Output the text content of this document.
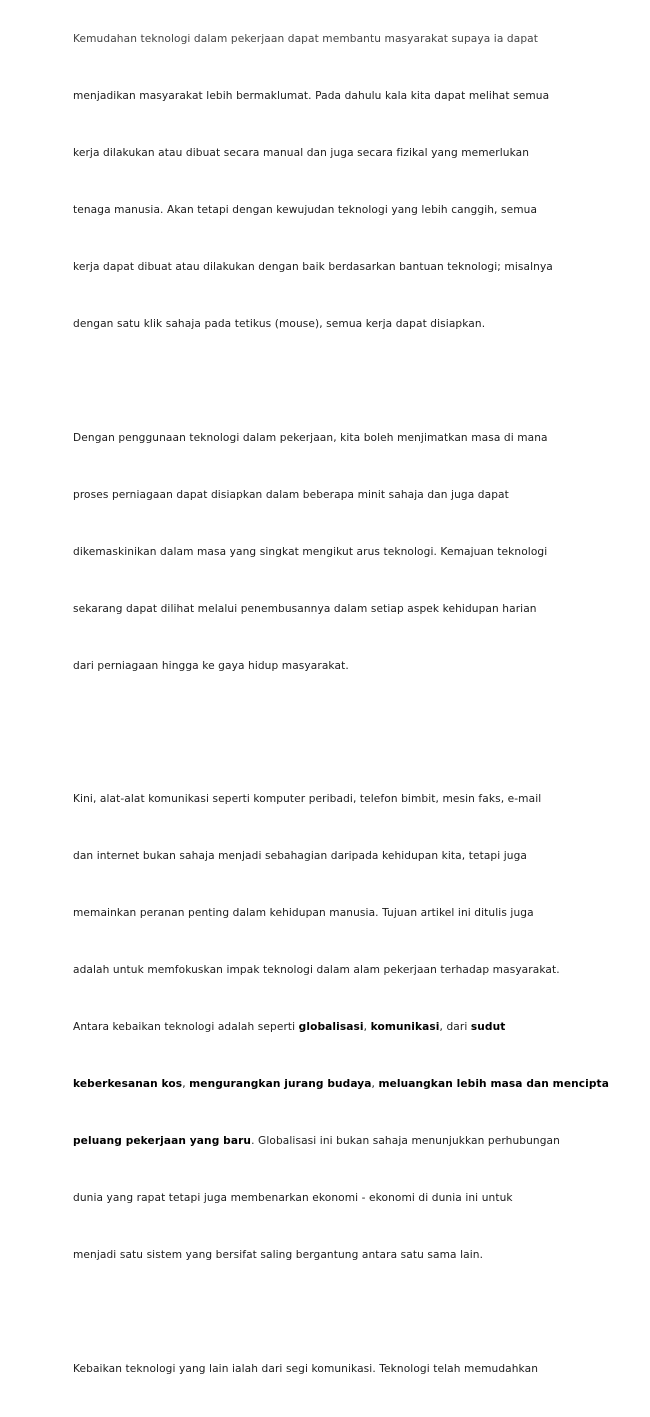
Kemudahan teknologi dalam pekerjaan dapat membantu masyarakat supaya ia dapat

menjadikan masyarakat lebih bermaklumat. Pada dahulu kala kita dapat melihat semua

kerja dilakukan atau dibuat secara manual dan juga secara fizikal yang memerlukan

tenaga manusia. Akan tetapi dengan kewujudan teknologi yang lebih canggih, semua

kerja dapat dibuat atau dilakukan dengan baik berdasarkan bantuan teknologi; misalnya

dengan satu klik sahaja pada tetikus (mouse), semua kerja dapat disiapkan.

Dengan penggunaan teknologi dalam pekerjaan, kita boleh menjimatkan masa di mana

proses perniagaan dapat disiapkan dalam beberapa minit sahaja dan juga dapat

dikemaskinikan dalam masa yang singkat mengikut arus teknologi. Kemajuan teknologi

sekarang dapat dilihat melalui penembusannya dalam setiap aspek kehidupan harian

dari perniagaan hingga ke gaya hidup masyarakat.

Kini, alat-alat komunikasi seperti komputer peribadi, telefon bimbit, mesin faks, e-mail

dan internet bukan sahaja menjadi sebahagian daripada kehidupan kita, tetapi juga

memainkan peranan penting dalam kehidupan manusia. Tujuan artikel ini ditulis juga

adalah untuk memfokuskan impak teknologi dalam alam pekerjaan terhadap masyarakat.

Antara kebaikan teknologi adalah seperti globalisasi, komunikasi, dari sudut

keberkesanan kos, mengurangkan jurang budaya, meluangkan lebih masa dan mencipta

peluang pekerjaan yang baru. Globalisasi ini bukan sahaja menunjukkan perhubungan

dunia yang rapat tetapi juga membenarkan ekonomi - ekonomi di dunia ini untuk

menjadi satu sistem yang bersifat saling bergantung antara satu sama lain.

Kebaikan teknologi yang lain ialah dari segi komunikasi. Teknologi telah memudahkan
